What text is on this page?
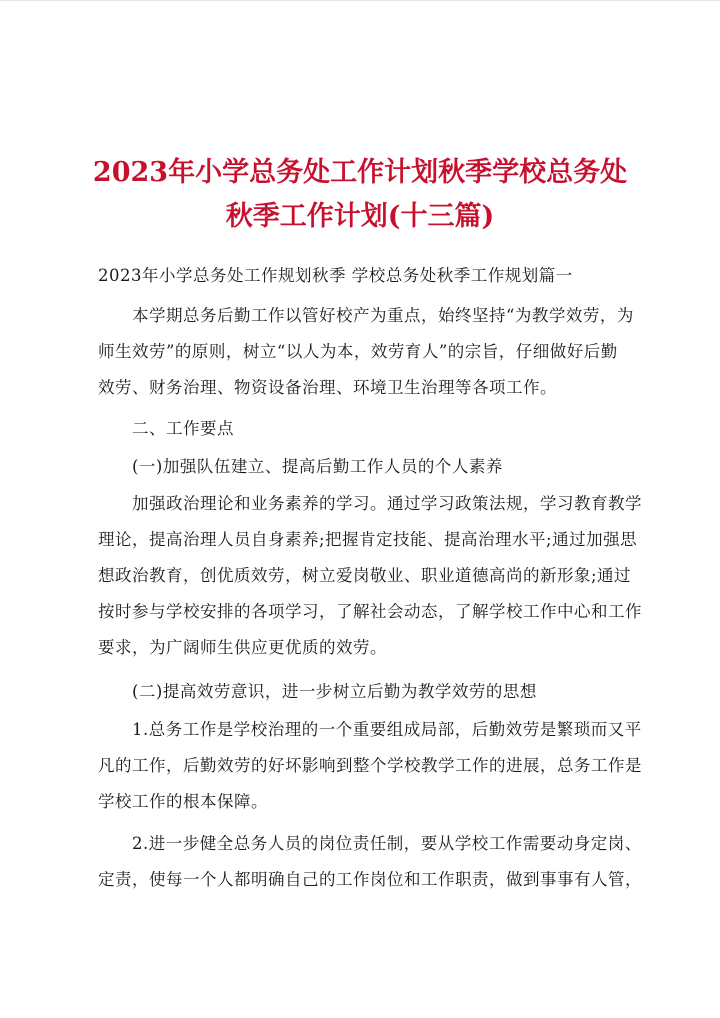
2023年小学总务处工作计划秋季学校总务处
秋季工作计划(十三篇)
2023年小学总务处工作规划秋季 学校总务处秋季工作规划篇一
　　本学期总务后勤工作以管好校产为重点，始终坚持“为教学效劳，为
师生效劳”的原则，树立“以人为本，效劳育人”的宗旨，仔细做好后勤
效劳、财务治理、物资设备治理、环境卫生治理等各项工作。
　　二、工作要点
　　(一)加强队伍建立、提高后勤工作人员的个人素养
　　加强政治理论和业务素养的学习。通过学习政策法规，学习教育教学
理论，提高治理人员自身素养;把握肯定技能、提高治理水平;通过加强思
想政治教育，创优质效劳，树立爱岗敬业、职业道德高尚的新形象;通过
按时参与学校安排的各项学习，了解社会动态，了解学校工作中心和工作
要求，为广阔师生供应更优质的效劳。
　　(二)提高效劳意识，进一步树立后勤为教学效劳的思想
　　1.总务工作是学校治理的一个重要组成局部，后勤效劳是繁琐而又平
凡的工作，后勤效劳的好坏影响到整个学校教学工作的进展，总务工作是
学校工作的根本保障。
　　2.进一步健全总务人员的岗位责任制，要从学校工作需要动身定岗、
定责，使每一个人都明确自己的工作岗位和工作职责，做到事事有人管，
